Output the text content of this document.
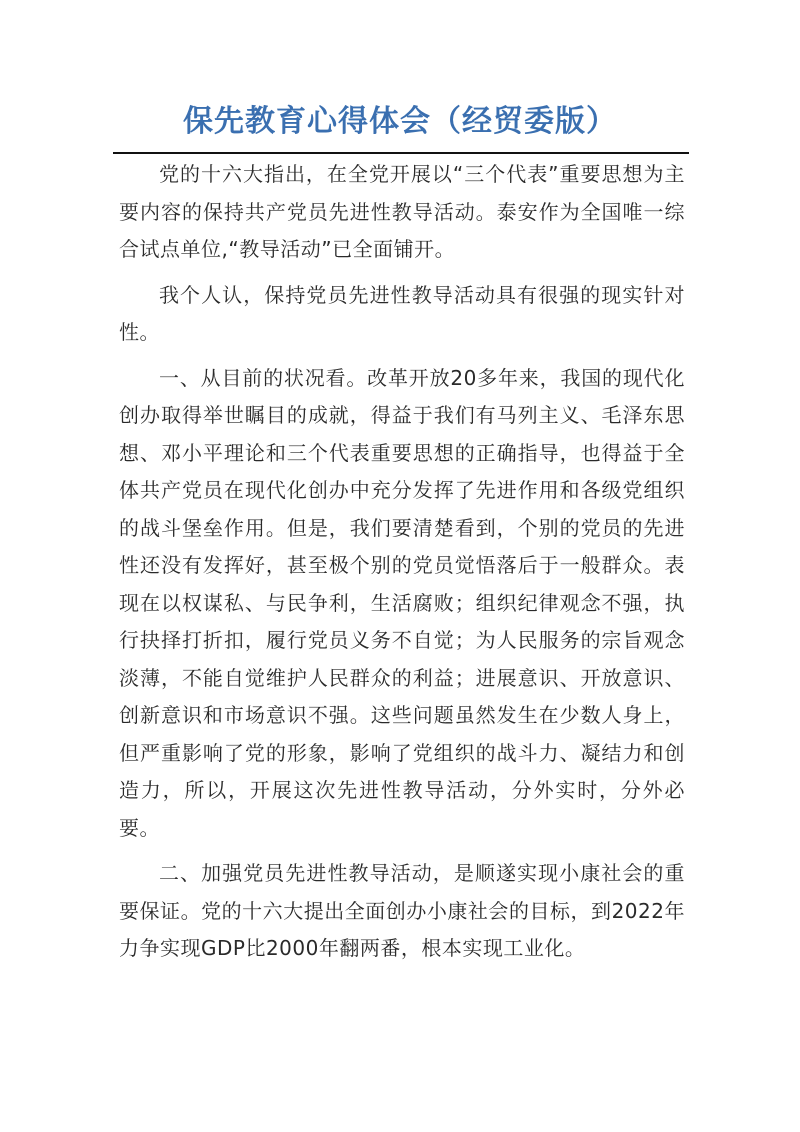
保先教育心得体会（经贸委版）

党的十六大指出，在全党开展以“三个代表”重要思想为主要内容的保持共产党员先进性教导活动。泰安作为全国唯一综合试点单位,“教导活动”已全面铺开。

我个人认，保持党员先进性教导活动具有很强的现实针对性。

一、从目前的状况看。改革开放20多年来，我国的现代化创办取得举世瞩目的成就，得益于我们有马列主义、毛泽东思想、邓小平理论和三个代表重要思想的正确指导，也得益于全体共产党员在现代化创办中充分发挥了先进作用和各级党组织的战斗堡垒作用。但是，我们要清楚看到，个别的党员的先进性还没有发挥好，甚至极个别的党员觉悟落后于一般群众。表现在以权谋私、与民争利，生活腐败；组织纪律观念不强，执行抉择打折扣，履行党员义务不自觉；为人民服务的宗旨观念淡薄，不能自觉维护人民群众的利益；进展意识、开放意识、创新意识和市场意识不强。这些问题虽然发生在少数人身上，但严重影响了党的形象，影响了党组织的战斗力、凝结力和创造力，所以，开展这次先进性教导活动，分外实时，分外必要。

二、加强党员先进性教导活动，是顺遂实现小康社会的重要保证。党的十六大提出全面创办小康社会的目标，到2022年力争实现GDP比2000年翻两番，根本实现工业化。
